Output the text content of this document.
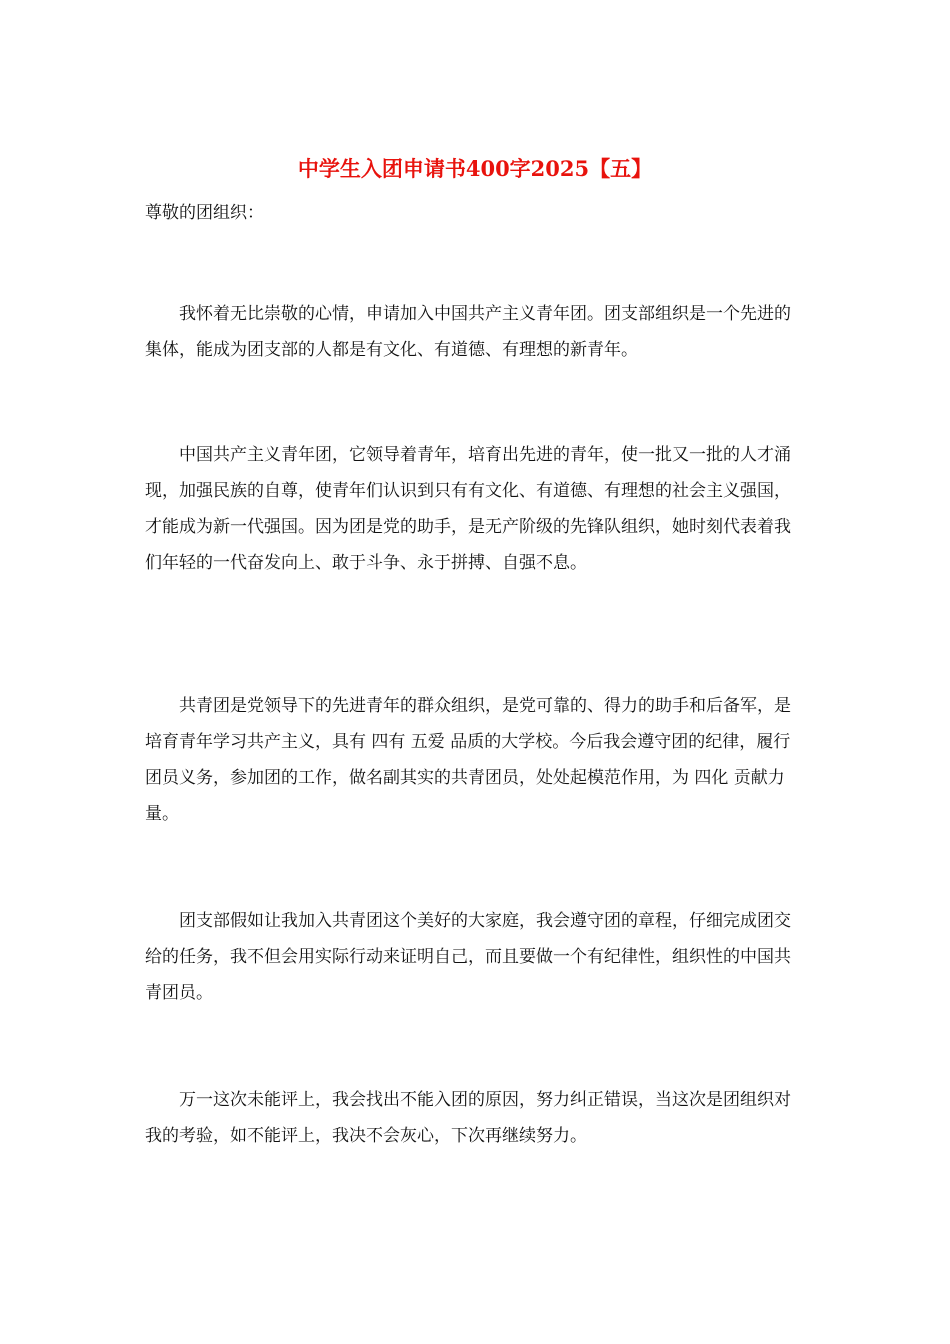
中学生入团申请书400字2025【五】

尊敬的团组织：

我怀着无比崇敬的心情，申请加入中国共产主义青年团。团支部组织是一个先进的集体，能成为团支部的人都是有文化、有道德、有理想的新青年。

中国共产主义青年团，它领导着青年，培育出先进的青年，使一批又一批的人才涌现，加强民族的自尊，使青年们认识到只有有文化、有道德、有理想的社会主义强国，才能成为新一代强国。因为团是党的助手，是无产阶级的先锋队组织，她时刻代表着我们年轻的一代奋发向上、敢于斗争、永于拼搏、自强不息。

共青团是党领导下的先进青年的群众组织，是党可靠的、得力的助手和后备军，是培育青年学习共产主义，具有 四有 五爱 品质的大学校。今后我会遵守团的纪律，履行团员义务，参加团的工作，做名副其实的共青团员，处处起模范作用，为 四化 贡献力量。

团支部假如让我加入共青团这个美好的大家庭，我会遵守团的章程，仔细完成团交给的任务，我不但会用实际行动来证明自己，而且要做一个有纪律性，组织性的中国共青团员。

万一这次未能评上，我会找出不能入团的原因，努力纠正错误，当这次是团组织对我的考验，如不能评上，我决不会灰心，下次再继续努力。
